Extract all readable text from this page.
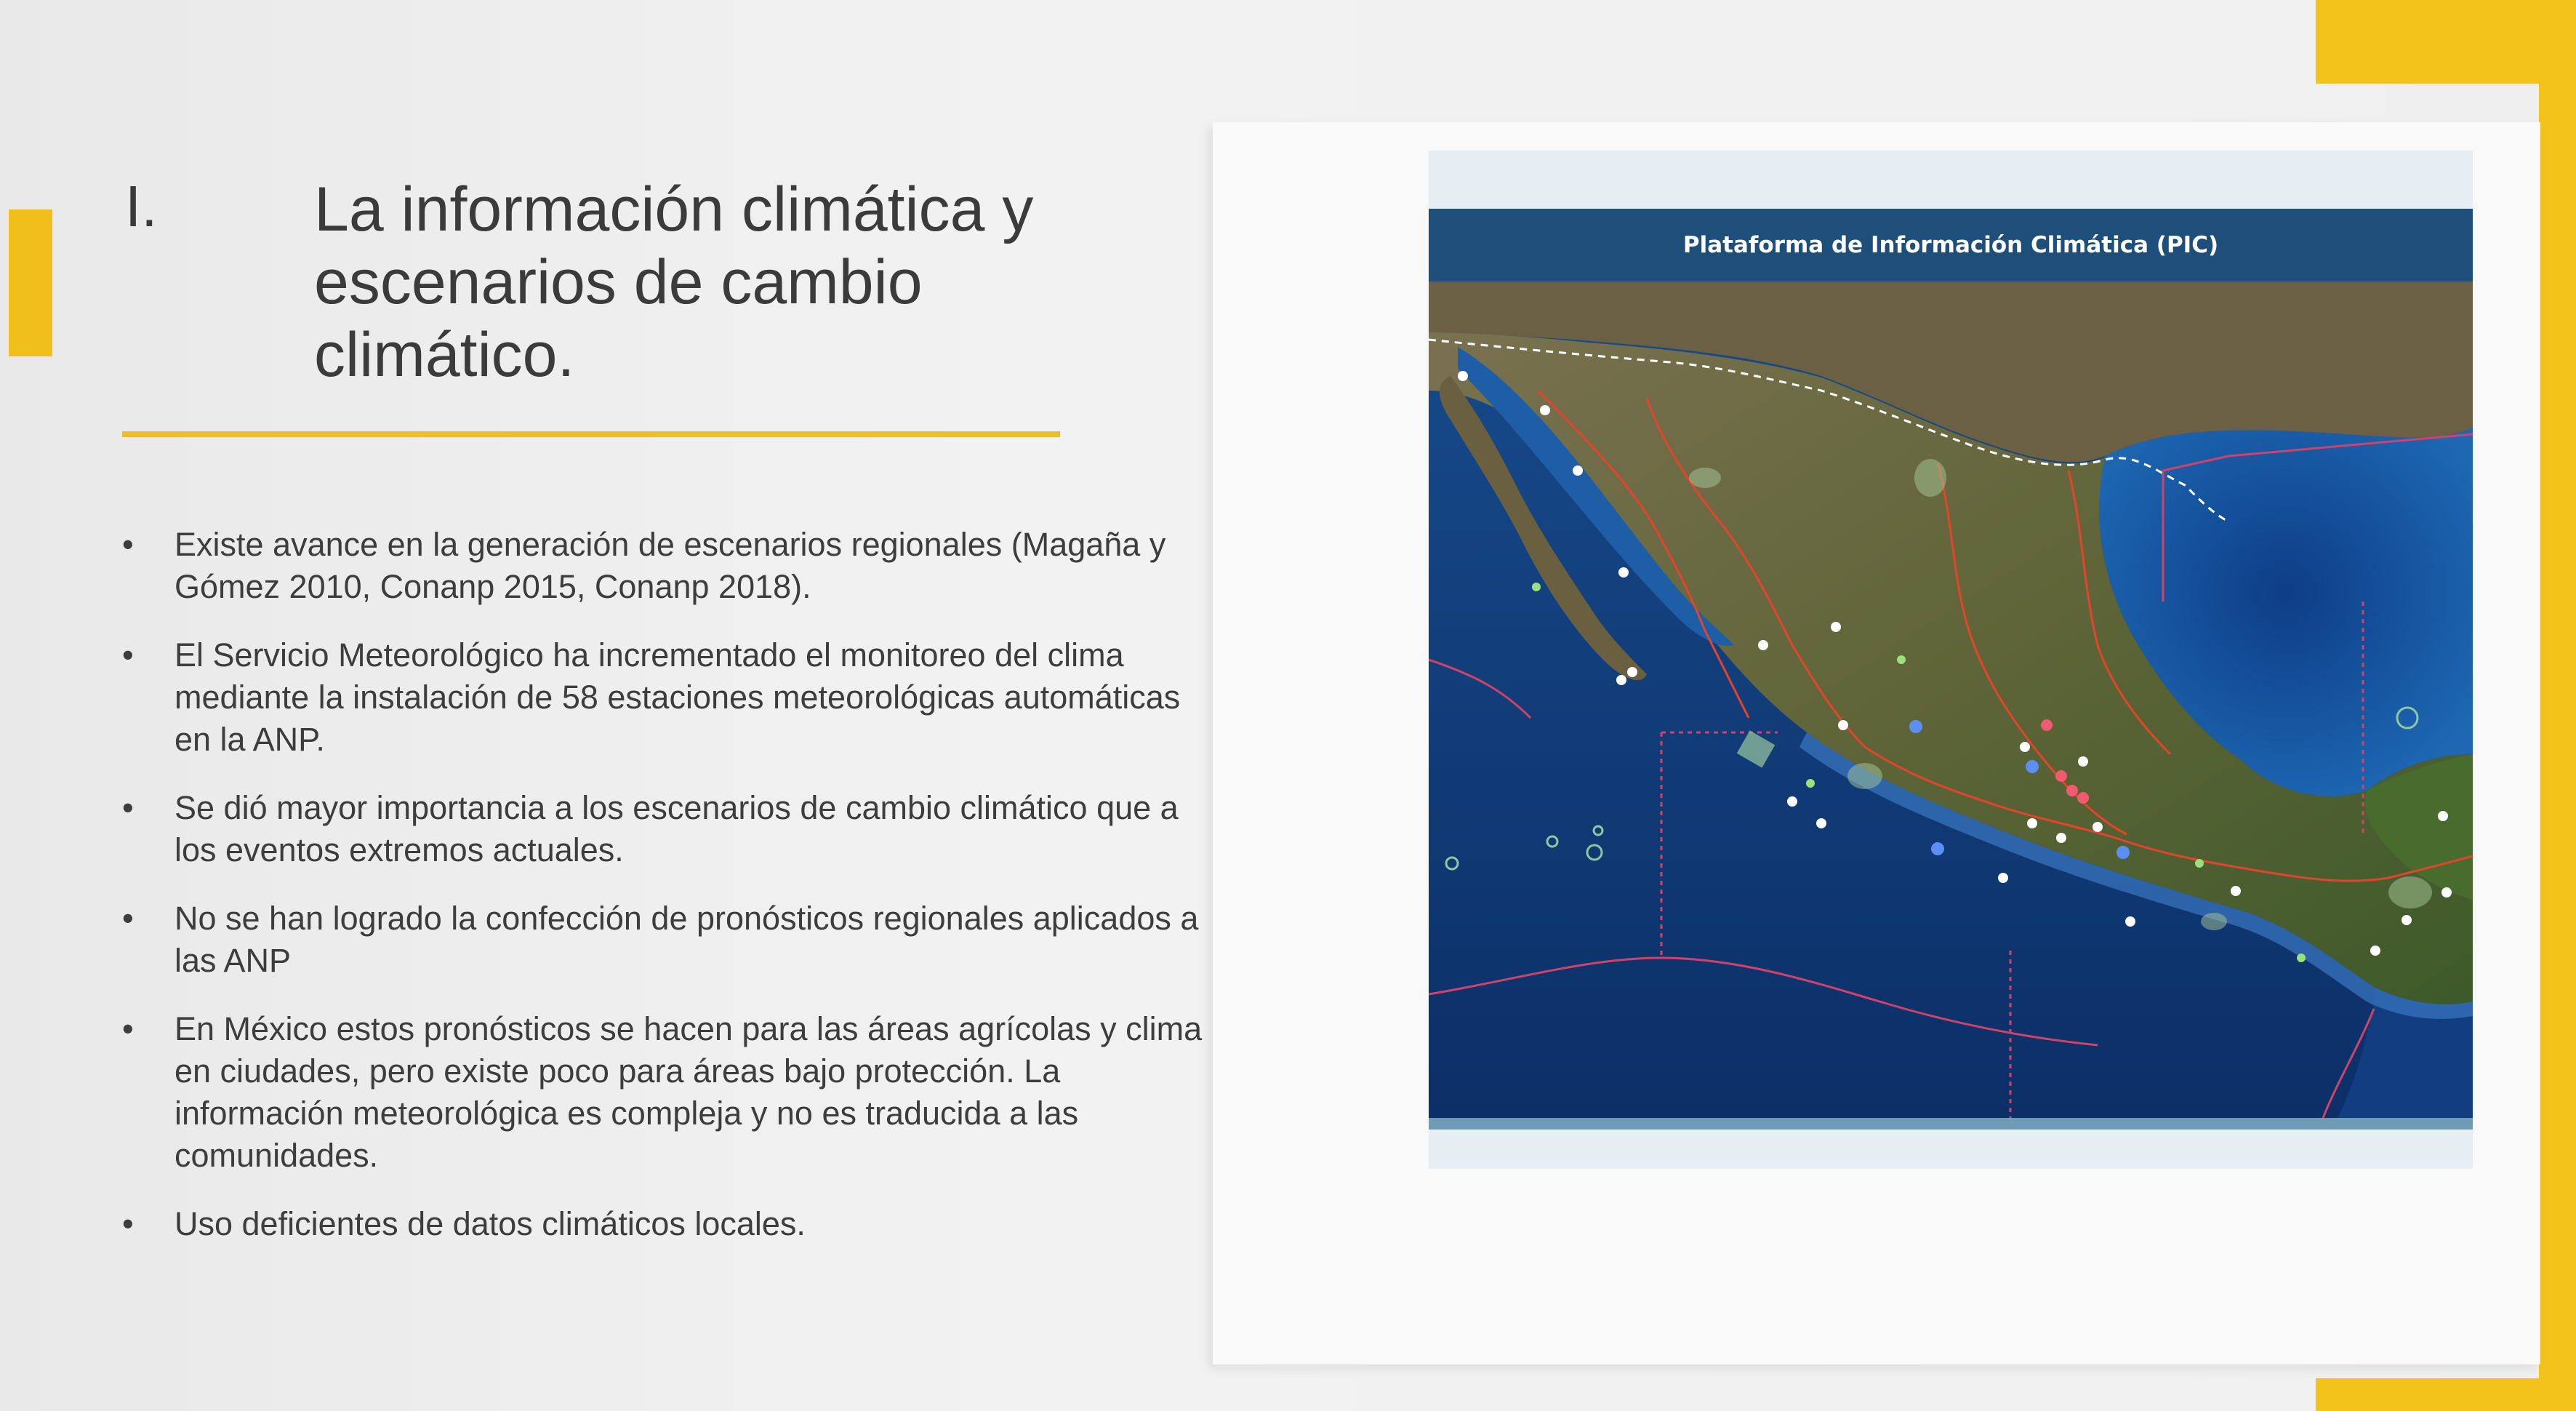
I.	La información climática y escenarios de cambio climático.
• Existe avance en la generación de escenarios regionales (Magaña y Gómez 2010, Conanp 2015, Conanp 2018).
• El Servicio Meteorológico ha incrementado el monitoreo del clima mediante la instalación de 58 estaciones meteorológicas automáticas en la ANP.
• Se dió mayor importancia a los escenarios de cambio climático que a los eventos extremos actuales.
• No se han logrado la confección de pronósticos regionales aplicados a las ANP
• En México estos pronósticos se hacen para las áreas agrícolas y clima en ciudades, pero existe poco para áreas bajo protección. La información meteorológica es compleja y no es traducida a las comunidades.
• Uso deficientes de datos climáticos locales.
Plataforma de Información Climática (PIC)
